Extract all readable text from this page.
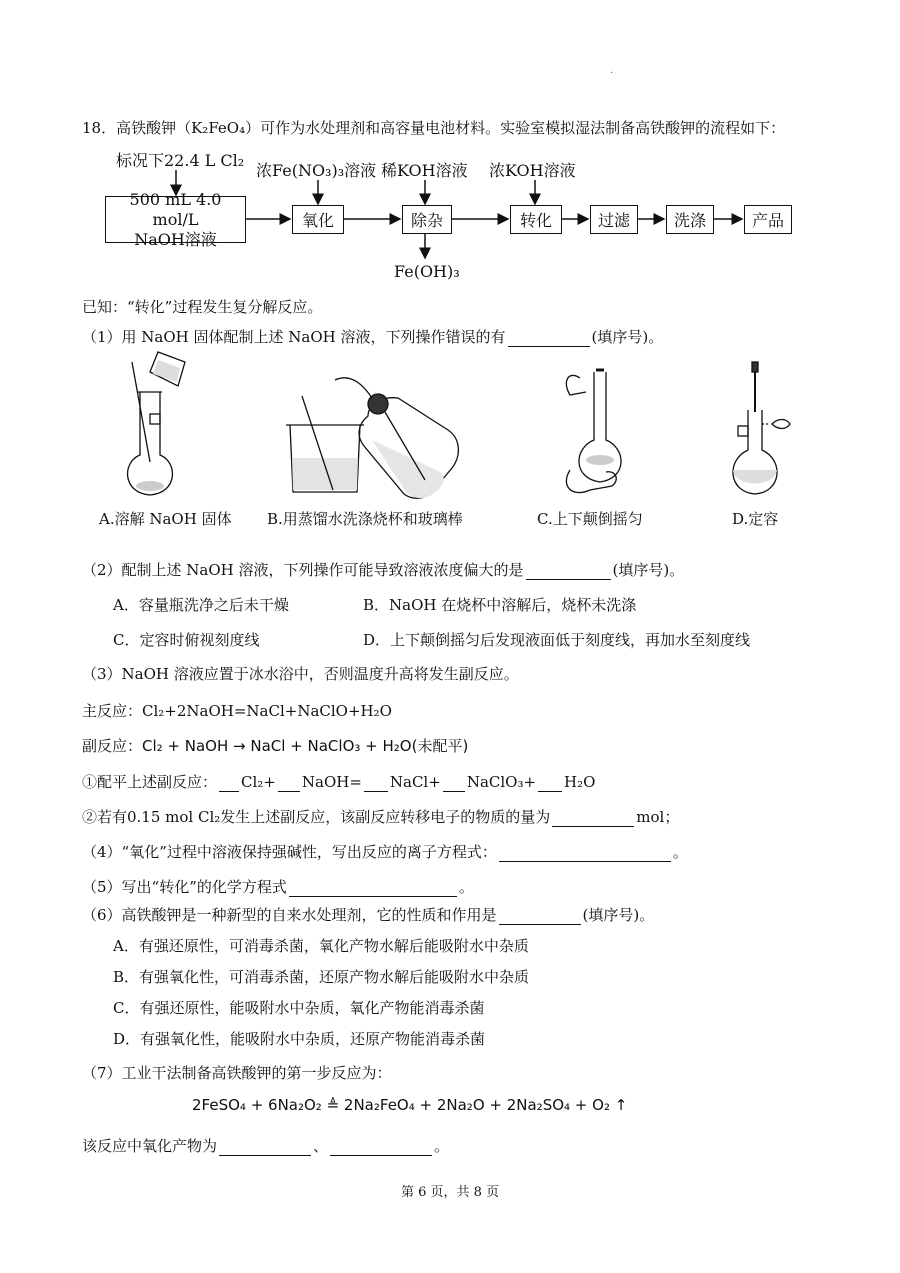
·
18．高铁酸钾（K₂FeO₄）可作为水处理剂和高容量电池材料。实验室模拟湿法制备高铁酸钾的流程如下：
标况下22.4 L Cl₂
浓Fe(NO₃)₃溶液 稀KOH溶液 浓KOH溶液
500 mL 4.0 mol/L
NaOH溶液
氧化	除杂	转化	过滤	洗涤	产品
Fe(OH)₃
已知：“转化”过程发生复分解反应。
（1）用 NaOH 固体配制上述 NaOH 溶液，下列操作错误的有	(填序号)。
A.溶解 NaOH 固体 B.用蒸馏水洗涤烧杯和玻璃棒	C.上下颠倒摇匀	D.定容
（2）配制上述 NaOH 溶液，下列操作可能导致溶液浓度偏大的是	(填序号)。
A．容量瓶洗净之后未干燥	B．NaOH 在烧杯中溶解后，烧杯未洗涤
C．定容时俯视刻度线	D．上下颠倒摇匀后发现液面低于刻度线，再加水至刻度线
（3）NaOH 溶液应置于冰水浴中，否则温度升高将发生副反应。
主反应：Cl₂+2NaOH=NaCl+NaClO+H₂O
副反应：Cl₂ + NaOH → NaCl + NaClO₃ + H₂O(未配平)
①配平上述副反应： Cl₂+ NaOH= NaCl+ NaClO₃+ H₂O
②若有0.15 mol Cl₂发生上述副反应，该副反应转移电子的物质的量为	mol；
（4）“氧化”过程中溶液保持强碱性，写出反应的离子方程式：	。
（5）写出“转化”的化学方程式	。
（6）高铁酸钾是一种新型的自来水处理剂，它的性质和作用是	(填序号)。
A．有强还原性，可消毒杀菌，氧化产物水解后能吸附水中杂质
B．有强氧化性，可消毒杀菌，还原产物水解后能吸附水中杂质
C．有强还原性，能吸附水中杂质，氧化产物能消毒杀菌
D．有强氧化性，能吸附水中杂质，还原产物能消毒杀菌
（7）工业干法制备高铁酸钾的第一步反应为：
2FeSO₄ + 6Na₂O₂ ≜ 2Na₂FeO₄ + 2Na₂O + 2Na₂SO₄ + O₂ ↑
该反应中氧化产物为	、	。
第 6 页，共 8 页
